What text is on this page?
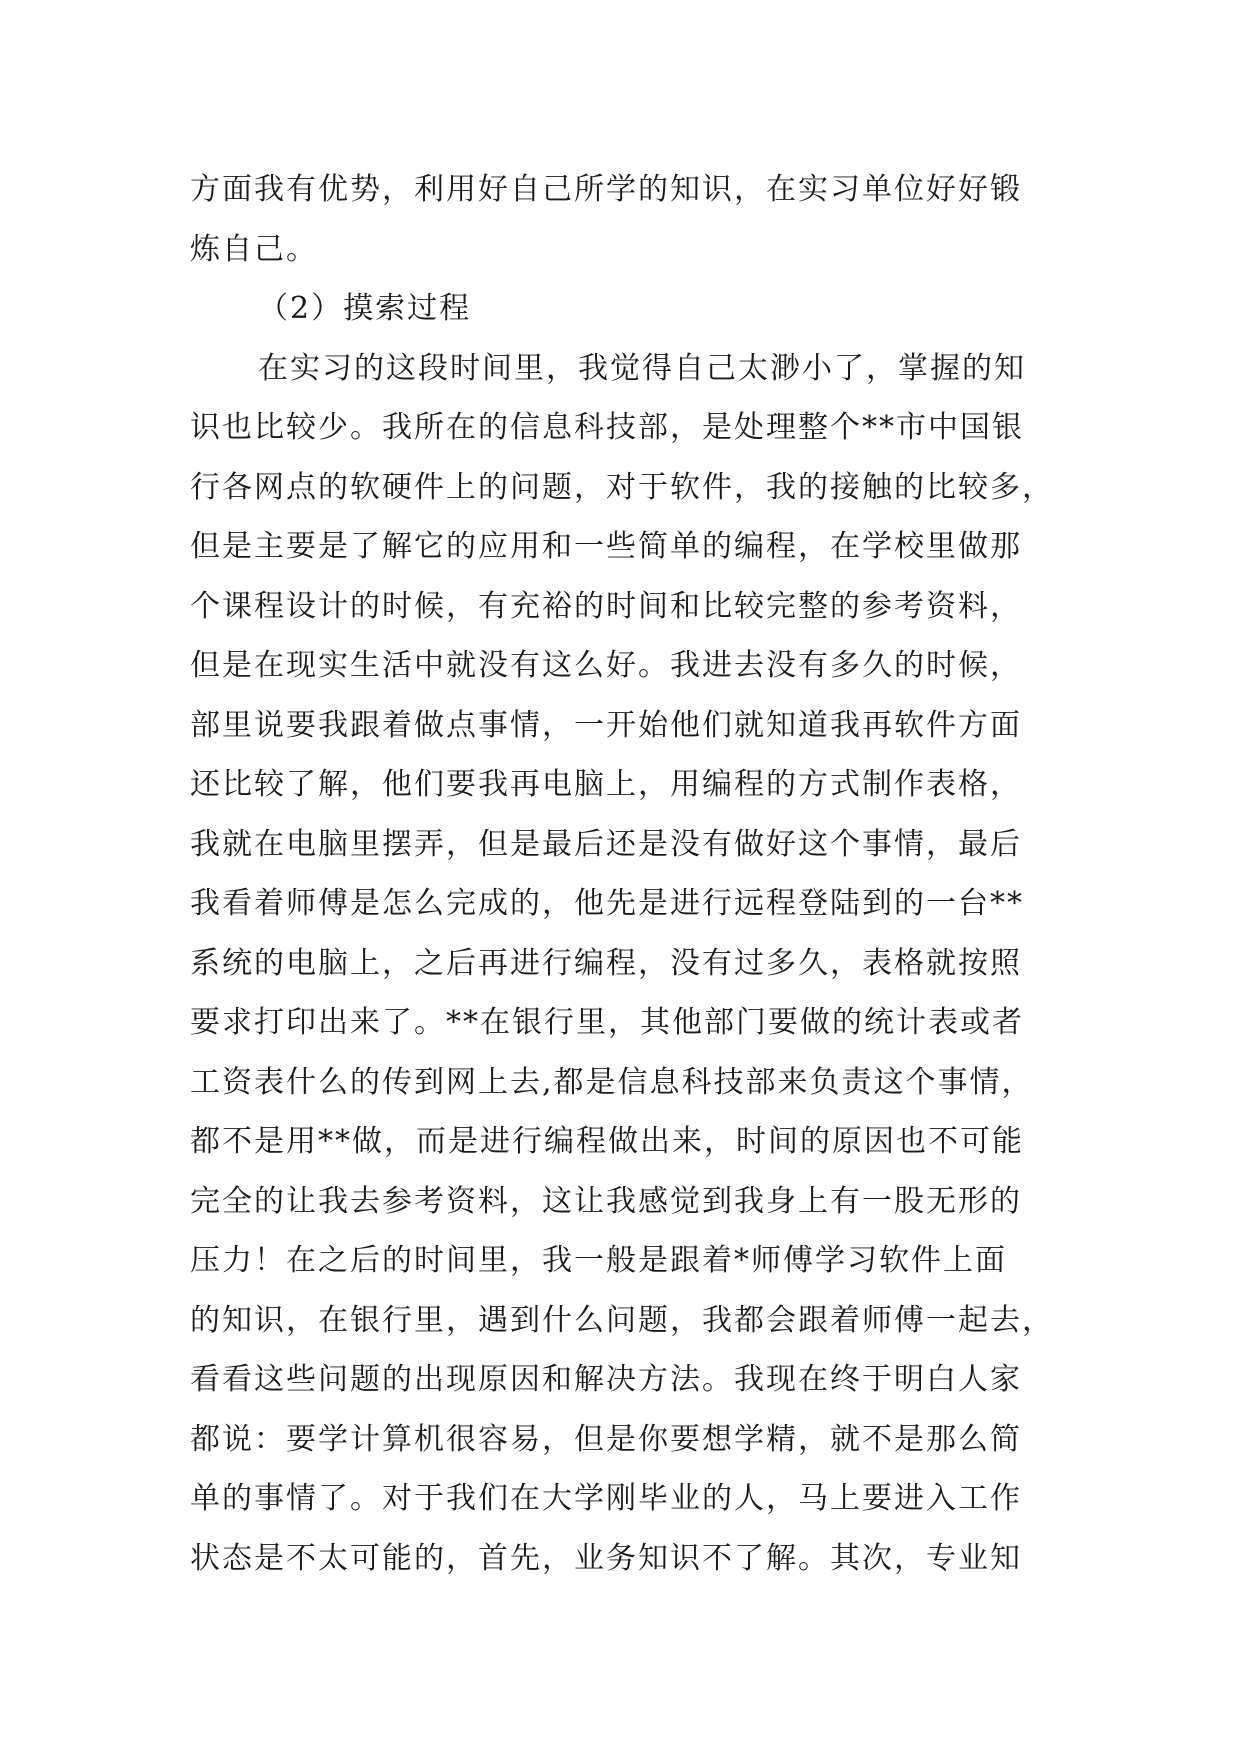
方面我有优势，利用好自己所学的知识，在实习单位好好锻
炼自己。
（2）摸索过程
在实习的这段时间里，我觉得自己太渺小了，掌握的知
识也比较少。我所在的信息科技部，是处理整个**市中国银
行各网点的软硬件上的问题，对于软件，我的接触的比较多，
但是主要是了解它的应用和一些简单的编程，在学校里做那
个课程设计的时候，有充裕的时间和比较完整的参考资料，
但是在现实生活中就没有这么好。我进去没有多久的时候，
部里说要我跟着做点事情，一开始他们就知道我再软件方面
还比较了解，他们要我再电脑上，用编程的方式制作表格，
我就在电脑里摆弄，但是最后还是没有做好这个事情，最后
我看着师傅是怎么完成的，他先是进行远程登陆到的一台**
系统的电脑上，之后再进行编程，没有过多久，表格就按照
要求打印出来了。**在银行里，其他部门要做的统计表或者
工资表什么的传到网上去,都是信息科技部来负责这个事情，
都不是用**做，而是进行编程做出来，时间的原因也不可能
完全的让我去参考资料，这让我感觉到我身上有一股无形的
压力！在之后的时间里，我一般是跟着*师傅学习软件上面
的知识，在银行里，遇到什么问题，我都会跟着师傅一起去，
看看这些问题的出现原因和解决方法。我现在终于明白人家
都说：要学计算机很容易，但是你要想学精，就不是那么简
单的事情了。对于我们在大学刚毕业的人，马上要进入工作
状态是不太可能的，首先，业务知识不了解。其次，专业知
